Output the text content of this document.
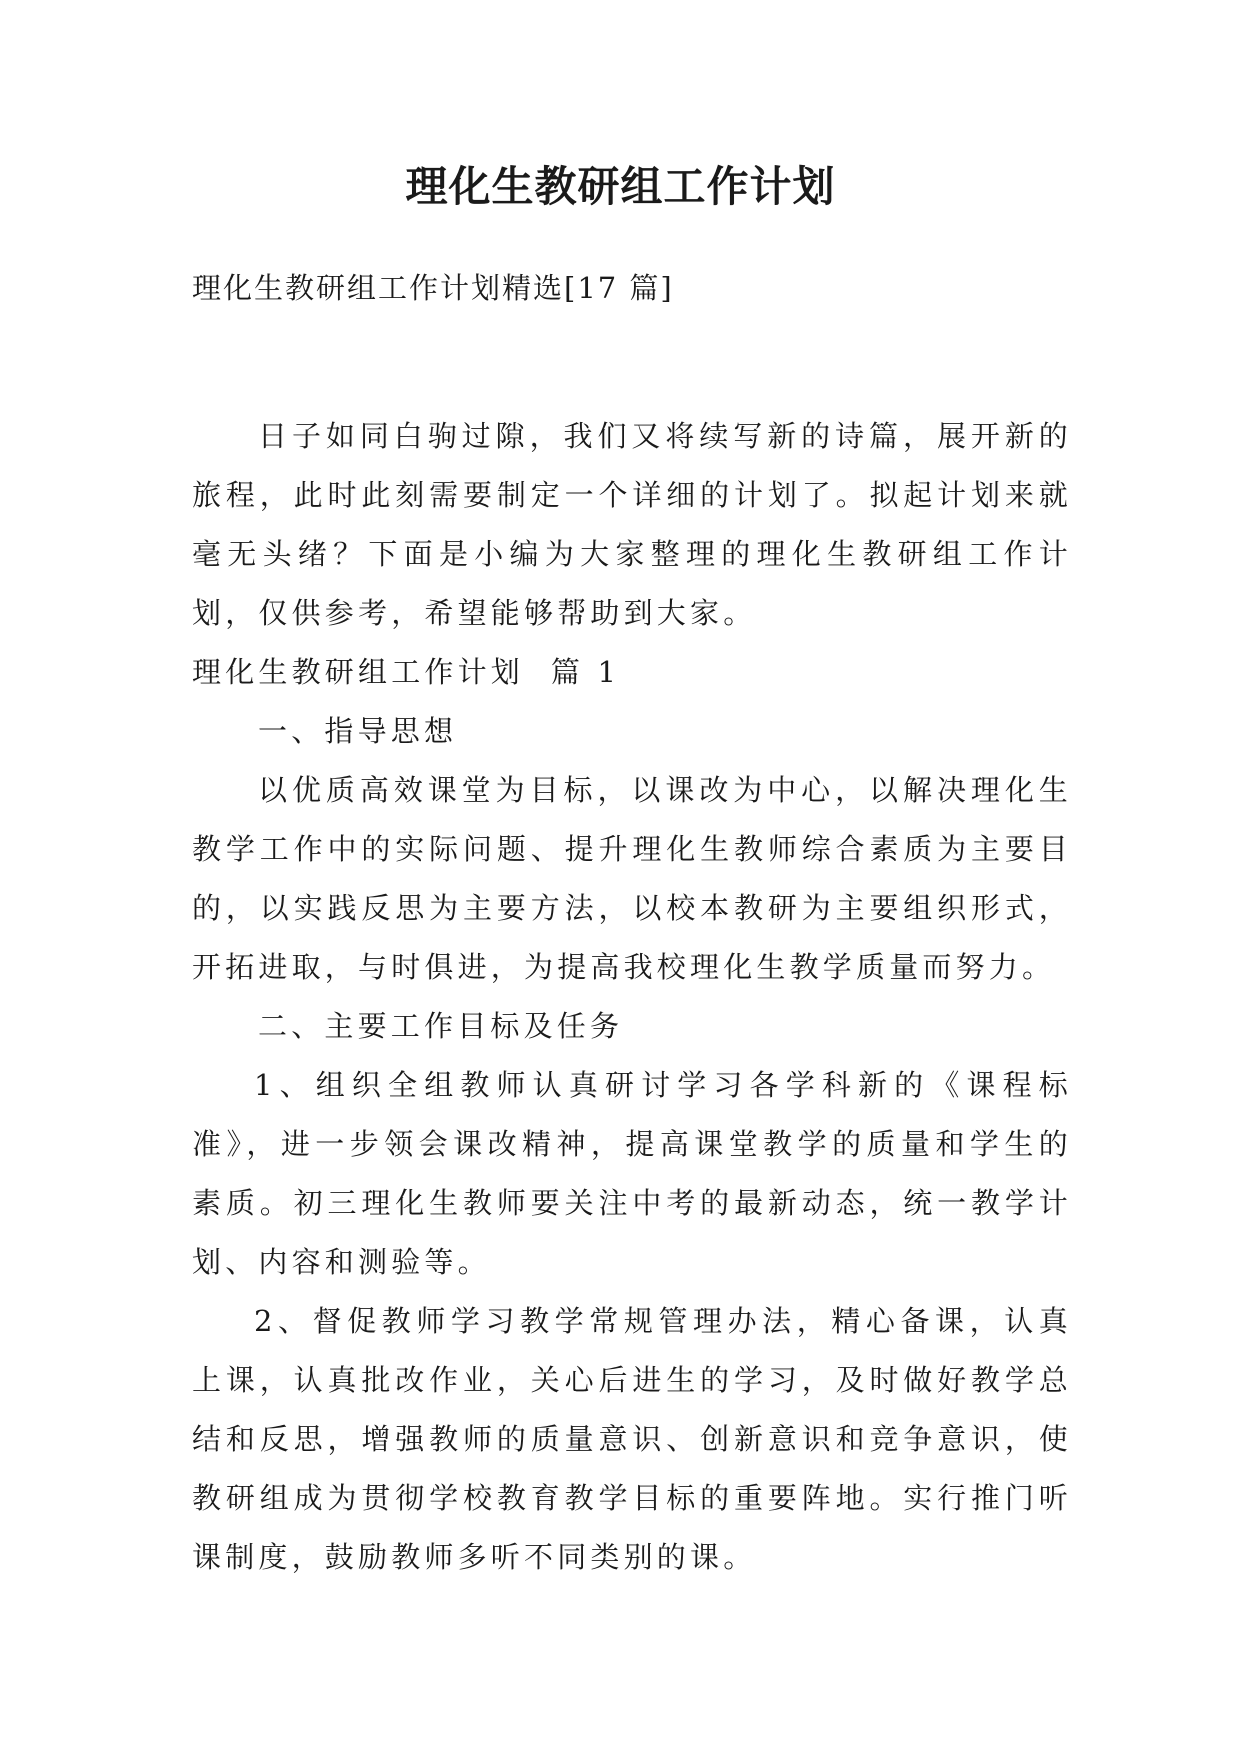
理化生教研组工作计划

理化生教研组工作计划精选[17 篇]

日子如同白驹过隙，我们又将续写新的诗篇，展开新的旅程，此时此刻需要制定一个详细的计划了。拟起计划来就毫无头绪？下面是小编为大家整理的理化生教研组工作计划，仅供参考，希望能够帮助到大家。

理化生教研组工作计划  篇 1

一、指导思想

以优质高效课堂为目标，以课改为中心，以解决理化生教学工作中的实际问题、提升理化生教师综合素质为主要目的，以实践反思为主要方法，以校本教研为主要组织形式，开拓进取，与时俱进，为提高我校理化生教学质量而努力。

二、主要工作目标及任务

1、组织全组教师认真研讨学习各学科新的《课程标准》，进一步领会课改精神，提高课堂教学的质量和学生的素质。初三理化生教师要关注中考的最新动态，统一教学计划、内容和测验等。

2、督促教师学习教学常规管理办法，精心备课，认真上课，认真批改作业，关心后进生的学习，及时做好教学总结和反思，增强教师的质量意识、创新意识和竞争意识，使教研组成为贯彻学校教育教学目标的重要阵地。实行推门听课制度，鼓励教师多听不同类别的课。
